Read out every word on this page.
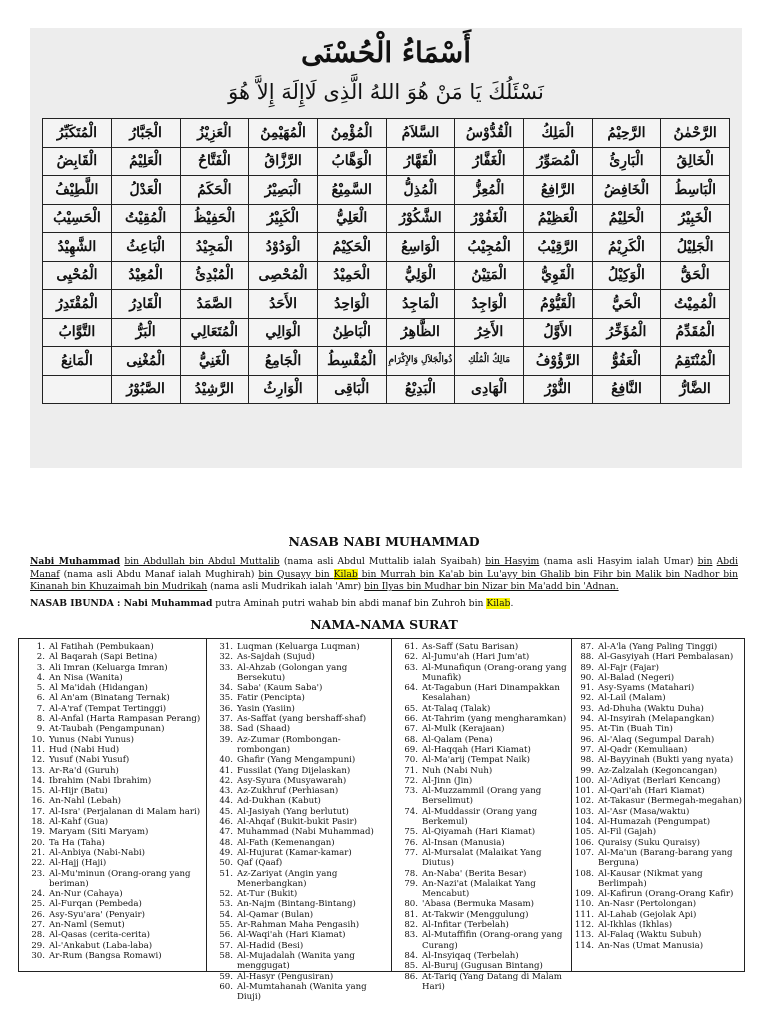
أَسْمَاءُ الْحُسْنَى
نَسْئَلُكَ يَا مَنْ هُوَ اللهُ الَّذِى لَاإِلَهَ إِلاَّ هُوَ
الرَّحْمٰنُ	الرَّحِيْمُ	الْمَلِكُ	الْقُدُّوْسُ	السَّلاَمُ	الْمُؤْمِنُ	الْمُهَيْمِنُ	الْعَزِيْزُ	الْجَبَّارُ	الْمُتَكَبِّرُ
الْخَالِقُ	الْبَارِئُ	الْمُصَوِّرُ	الْغَفَّارُ	الْقَهَّارُ	الْوَهَّابُ	الرَّزَّاقُ	الْفَتَّاحُ	الْعَلِيْمُ	الْقَابِضُ
الْبَاسِطُ	الْخَافِضُ	الرَّافِعُ	الْمُعِزُّ	الْمُذِلُّ	السَّمِيْعُ	الْبَصِيْرُ	الْحَكَمُ	الْعَدْلُ	اللَّطِيْفُ
الْخَبِيْرُ	الْحَلِيْمُ	الْعَظِيْمُ	الْغَفُوْرُ	الشَّكُوْرُ	الْعَلِيُّ	الْكَبِيْرُ	الْحَفِيْظُ	الْمُقِيْتُ	الْحَسِيْبُ
الْجَلِيْلُ	الْكَرِيْمُ	الرَّقِيْبُ	الْمُجِيْبُ	الْوَاسِعُ	الْحَكِيْمُ	الْوَدُوْدُ	الْمَجِيْدُ	الْبَاعِثُ	الشَّهِيْدُ
الْحَقُّ	الْوَكِيْلُ	الْقَوِيُّ	الْمَتِيْنُ	الْوَلِيُّ	الْحَمِيْدُ	الْمُحْصِى	الْمُبْدِئُ	الْمُعِيْدُ	الْمُحْيِى
الْمُمِيْتُ	الْحَيُّ	الْقَيُّوْمُ	الْوَاجِدُ	الْمَاجِدُ	الْوَاحِدُ	الأَحَدُ	الصَّمَدُ	الْقَادِرُ	الْمُقْتَدِرُ
الْمُقَدِّمُ	الْمُؤَخِّرُ	الأَوَّلُ	الأَخِرُ	الظَّاهِرُ	الْبَاطِنُ	الْوَالِي	الْمُتَعَالِي	الْبَرُّ	التَّوَّابُ
الْمُنْتَقِمُ	الْعَفُوُّ	الرَّؤُوْفُ	مَالِكُ الْمُلْكِ	ذُوالْجَلاَلِ وَالإِكْرَامِ	الْمُقْسِطُ	الْجَامِعُ	الْغَنِيُّ	الْمُغْنِى	الْمَانِعُ
الضَّارُّ	النَّافِعُ	النُّوْرُ	الْهَادِى	الْبَدِيْعُ	الْبَاقِى	الْوَارِثُ	الرَّشِيْدُ	الصَّبُوْرُ	
NASAB NABI MUHAMMAD
Nabi Muhammad bin Abdullah bin Abdul Muttalib (nama asli Abdul Muttalib ialah Syaibah) bin Hasyim (nama asli Hasyim ialah Umar) bin Abdi Manaf (nama asli Abdu Manaf ialah Mughirah) bin Qusayy bin Kilab bin Murrah bin Ka'ab bin Lu'ayy bin Ghalib bin Fihr bin Malik bin Nadhor bin Kinanah bin Khuzaimah bin Mudrikah (nama asli Mudrikah ialah 'Amr) bin Ilyas bin Mudhar bin Nizar bin Ma'add bin 'Adnan.
NASAB IBUNDA : Nabi Muhammad putra Aminah putri wahab bin abdi manaf bin Zuhroh bin Kilab.
NAMA-NAMA SURAT
1. Al Fatihah (Pembukaan)
2. Al Baqarah (Sapi Betina)
3. Ali Imran (Keluarga Imran)
4. An Nisa (Wanita)
5. Al Ma'idah (Hidangan)
6. Al An'am (Binatang Ternak)
7. Al-A'raf (Tempat Tertinggi)
8. Al-Anfal (Harta Rampasan Perang)
9. At-Taubah (Pengampunan)
10. Yunus (Nabi Yunus)
11. Hud (Nabi Hud)
12. Yusuf (Nabi Yusuf)
13. Ar-Ra'd (Guruh)
14. Ibrahim (Nabi Ibrahim)
15. Al-Hijr (Batu)
16. An-Nahl (Lebah)
17. Al-Isra' (Perjalanan di Malam hari)
18. Al-Kahf (Gua)
19. Maryam (Siti Maryam)
20. Ta Ha (Taha)
21. Al-Anbiya (Nabi-Nabi)
22. Al-Hajj (Haji)
23. Al-Mu'minun (Orang-orang yang beriman)
24. An-Nur (Cahaya)
25. Al-Furqan (Pembeda)
26. Asy-Syu'ara' (Penyair)
27. An-Naml (Semut)
28. Al-Qasas (cerita-cerita)
29. Al-'Ankabut (Laba-laba)
30. Ar-Rum (Bangsa Romawi)
31. Luqman (Keluarga Luqman)
32. As-Sajdah (Sujud)
33. Al-Ahzab (Golongan yang Bersekutu)
34. Saba' (Kaum Saba')
35. Fatir (Pencipta)
36. Yasin (Yasiin)
37. As-Saffat (yang bershaff-shaf)
38. Sad (Shaad)
39. Az-Zumar (Rombongan-rombongan)
40. Ghafir (Yang Mengampuni)
41. Fussilat (Yang Dijelaskan)
42. Asy-Syura (Musyawarah)
43. Az-Zukhruf (Perhiasan)
44. Ad-Dukhan (Kabut)
45. Al-Jasiyah (Yang berlutut)
46. Al-Ahqaf (Bukit-bukit Pasir)
47. Muhammad (Nabi Muhammad)
48. Al-Fath (Kemenangan)
49. Al-Hujurat (Kamar-kamar)
50. Qaf (Qaaf)
51. Az-Zariyat (Angin yang Menerbangkan)
52. At-Tur (Bukit)
53. An-Najm (Bintang-Bintang)
54. Al-Qamar (Bulan)
55. Ar-Rahman Maha Pengasih)
56. Al-Waqi'ah (Hari Kiamat)
57. Al-Hadid (Besi)
58. Al-Mujadalah (Wanita yang menggugat)
59. Al-Hasyr (Pengusiran)
60. Al-Mumtahanah (Wanita yang Diuji)
61. As-Saff (Satu Barisan)
62. Al-Jumu'ah (Hari Jum'at)
63. Al-Munafiqun (Orang-orang yang Munafik)
64. At-Tagabun (Hari Dinampakkan Kesalahan)
65. At-Talaq (Talak)
66. At-Tahrim (yang mengharamkan)
67. Al-Mulk (Kerajaan)
68. Al-Qalam (Pena)
69. Al-Haqqah (Hari Kiamat)
70. Al-Ma'arij (Tempat Naik)
71. Nuh (Nabi Nuh)
72. Al-Jinn (Jin)
73. Al-Muzzammil (Orang yang Berselimut)
74. Al-Muddassir (Orang yang Berkemul)
75. Al-Qiyamah (Hari Kiamat)
76. Al-Insan (Manusia)
77. Al-Mursalat (Malaikat Yang Diutus)
78. An-Naba' (Berita Besar)
79. An-Nazi'at (Malaikat Yang Mencabut)
80. 'Abasa (Bermuka Masam)
81. At-Takwir (Menggulung)
82. Al-Infitar (Terbelah)
83. Al-Mutaffifin (Orang-orang yang Curang)
84. Al-Insyiqaq (Terbelah)
85. Al-Buruj (Gugusan Bintang)
86. At-Tariq (Yang Datang di Malam Hari)
87. Al-A'la (Yang Paling Tinggi)
88. Al-Gasyiyah (Hari Pembalasan)
89. Al-Fajr (Fajar)
90. Al-Balad (Negeri)
91. Asy-Syams (Matahari)
92. Al-Lail (Malam)
93. Ad-Dhuha (Waktu Duha)
94. Al-Insyirah (Melapangkan)
95. At-Tin (Buah Tin)
96. Al-'Alaq (Segumpal Darah)
97. Al-Qadr (Kemuliaan)
98. Al-Bayyinah (Bukti yang nyata)
99. Az-Zalzalah (Kegoncangan)
100. Al-'Adiyat (Berlari Kencang)
101. Al-Qari'ah (Hari Kiamat)
102. At-Takasur (Bermegah-megahan)
103. Al-'Asr (Masa/waktu)
104. Al-Humazah (Pengumpat)
105. Al-Fil (Gajah)
106. Quraisy (Suku Quraisy)
107. Al-Ma'un (Barang-barang yang Berguna)
108. Al-Kausar (Nikmat yang Berlimpah)
109. Al-Kafirun (Orang-Orang Kafir)
110. An-Nasr (Pertolongan)
111. Al-Lahab (Gejolak Api)
112. Al-Ikhlas (Ikhlas)
113. Al-Falaq (Waktu Subuh)
114. An-Nas (Umat Manusia)
